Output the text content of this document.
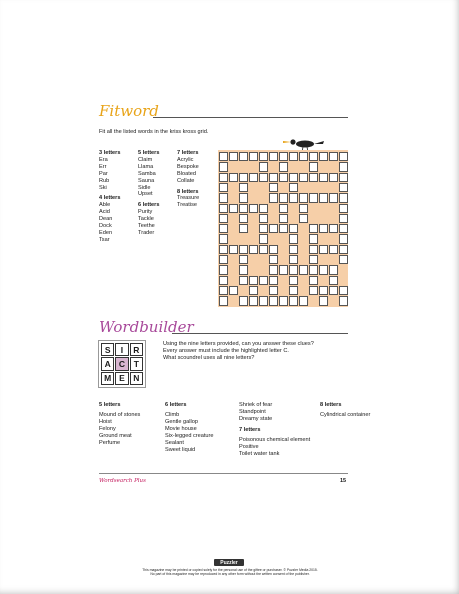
Fitword
Fit all the listed words in the kriss kross grid.
3 letters
Era
Err
Par
Rub
Ski
4 letters
Able
Acid
Dean
Dock
Eden
Tsar
5 letters
Claim
Llama
Samba
Sauna
Sidle
Upset
6 letters
Purity
Tackle
Teethe
Trader
7 letters
Acrylic
Bespoke
Bloated
Collate
8 letters
Treasure
Treatise
Wordbuilder
S	I	R
A C	T
M E N
Using the nine letters provided, can you answer these clues?
Every answer must include the highlighted letter C.
What scoundrel uses all nine letters?
5 letters
Mound of stones
Hoist
Felony
Ground meat
Perfume
6 letters
Climb
Gentle gallop
Movie house
Six-legged creature
Sealant
Sweet liquid
Shriek of fear
Standpoint
Dreamy state
7 letters
Poisonous chemical element
Positive
Toilet water tank
8 letters
Cylindrical container
Wordsearch Plus	15
Puzzler
This magazine may be printed or copied solely for the personal use of the giftee or purchaser. © Puzzler Media 2015.
No part of this magazine may be reproduced in any other form without the written consent of the publisher.
